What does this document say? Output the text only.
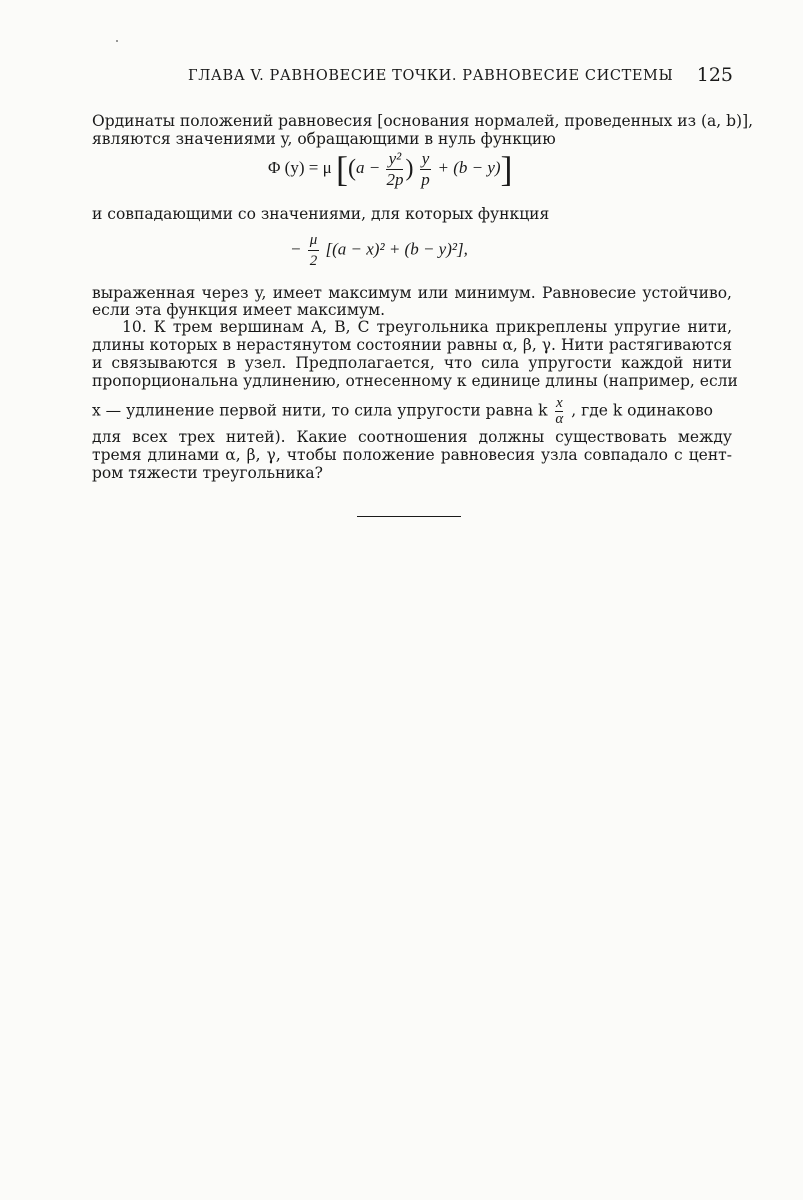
ГЛАВА V. РАВНОВЕСИЕ ТОЧКИ. РАВНОВЕСИЕ СИСТЕМЫ 125
Ординаты положений равновесия [основания нормалей, проведенных из (a, b)],
являются значениями y, обращающими в нуль функцию
Φ (y) = μ [($a - \frac{\text{y²}}{2p}$ ) $\frac{y}{p} + (b - y)$]
и совпадающими со значениями, для которых функция
− $\frac{\mu}{2} [(a - x)^2 + (b - y)^2]$,
выраженная через y, имеет максимум или минимум. Равновесие устойчиво,
если эта функция имеет максимум.
10. К трем вершинам A, B, C треугольника прикреплены упругие нити,
длины которых в нерастянутом состоянии равны α, β, γ. Нити растягиваются
и связываются в узел. Предполагается, что сила упругости каждой нити
пропорциональна удлинению, отнесенному к единице длины (например, если
x — удлинение первой нити, то сила упругости равна k $\frac{x}{\alpha}$ , где k одинаково
для всех трех нитей). Какие соотношения должны существовать между
тремя длинами α, β, γ, чтобы положение равновесия узла совпадало с цент-
ром тяжести треугольника?
